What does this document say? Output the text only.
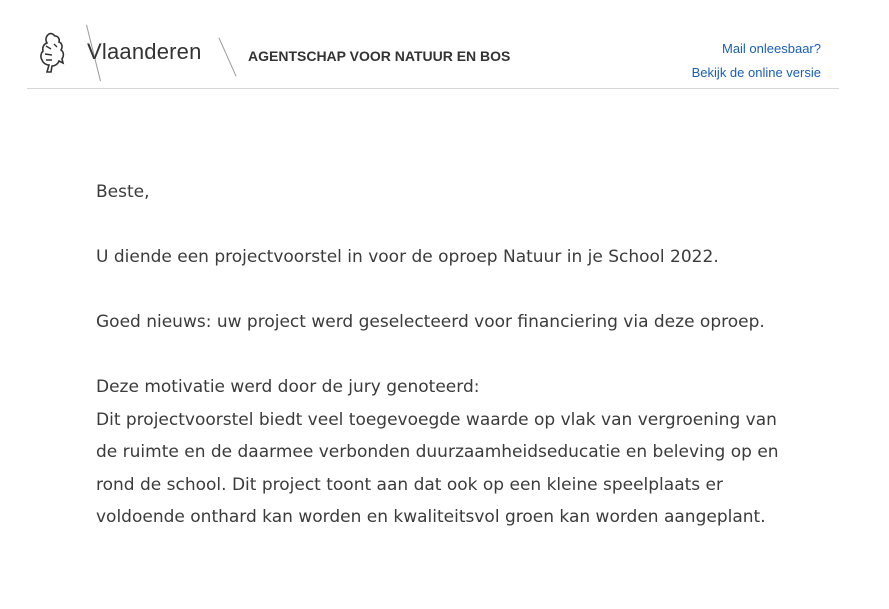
Vlaanderen	AGENTSCHAP VOOR NATUUR EN BOS	Mail onleesbaar?
Bekijk de online versie

Beste,

U diende een projectvoorstel in voor de oproep Natuur in je School 2022.

Goed nieuws: uw project werd geselecteerd voor financiering via deze oproep.

Deze motivatie werd door de jury genoteerd:
Dit projectvoorstel biedt veel toegevoegde waarde op vlak van vergroening van de ruimte en de daarmee verbonden duurzaamheidseducatie en beleving op en rond de school. Dit project toont aan dat ook op een kleine speelplaats er voldoende onthard kan worden en kwaliteitsvol groen kan worden aangeplant.
